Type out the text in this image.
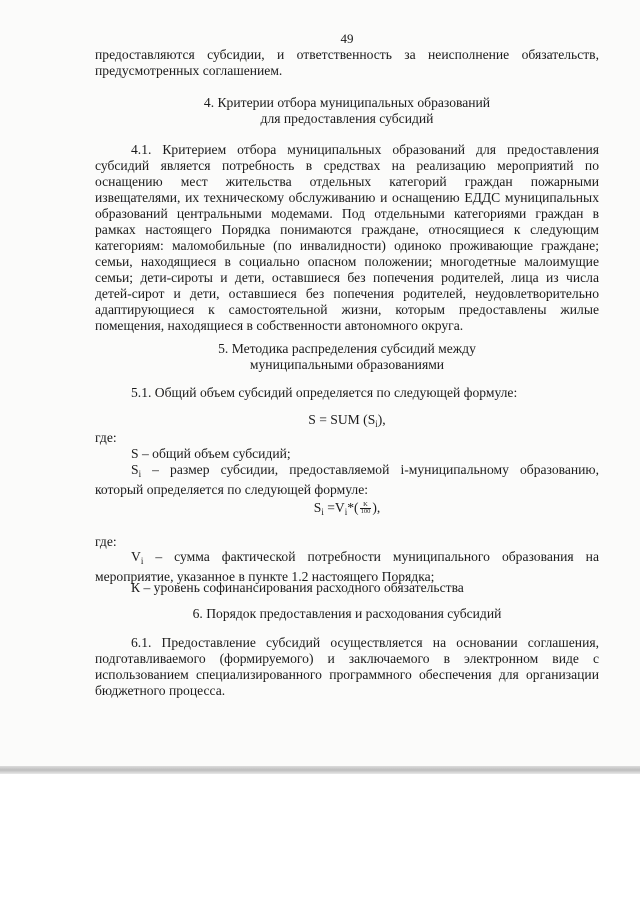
49

предоставляются субсидии, и ответственность за неисполнение обязательств, предусмотренных соглашением.

4. Критерии отбора муниципальных образований
для предоставления субсидий

4.1. Критерием отбора муниципальных образований для предоставления субсидий является потребность в средствах на реализацию мероприятий по оснащению мест жительства отдельных категорий граждан пожарными извещателями, их техническому обслуживанию и оснащению ЕДДС муниципальных образований центральными модемами. Под отдельными категориями граждан в рамках настоящего Порядка понимаются граждане, относящиеся к следующим категориям: маломобильные (по инвалидности) одиноко проживающие граждане; семьи, находящиеся в социально опасном положении; многодетные малоимущие семьи; дети-сироты и дети, оставшиеся без попечения родителей, лица из числа детей-сирот и дети, оставшиеся без попечения родителей, неудовлетворительно адаптирующиеся к самостоятельной жизни, которым предоставлены жилые помещения, находящиеся в собственности автономного округа.

5. Методика распределения субсидий между
муниципальными образованиями

5.1. Общий объем субсидий определяется по следующей формуле:

S = SUM $(S_i)$,
где:
S – общий объем субсидий;

$S_i$ – размер субсидии, предоставляемой i-муниципальному образованию, который определяется по следующей формуле:

$S_i =V_i*( \frac{K}{100}$ ),
где:

$V_i$ – сумма фактической потребности муниципального образования на мероприятие, указанное в пункте 1.2 настоящего Порядка;

К – уровень софинансирования расходного обязательства
6. Порядок предоставления и расходования субсидий

6.1. Предоставление субсидий осуществляется на основании соглашения, подготавливаемого (формируемого) и заключаемого в электронном виде с использованием специализированного программного обеспечения для организации бюджетного процесса.
